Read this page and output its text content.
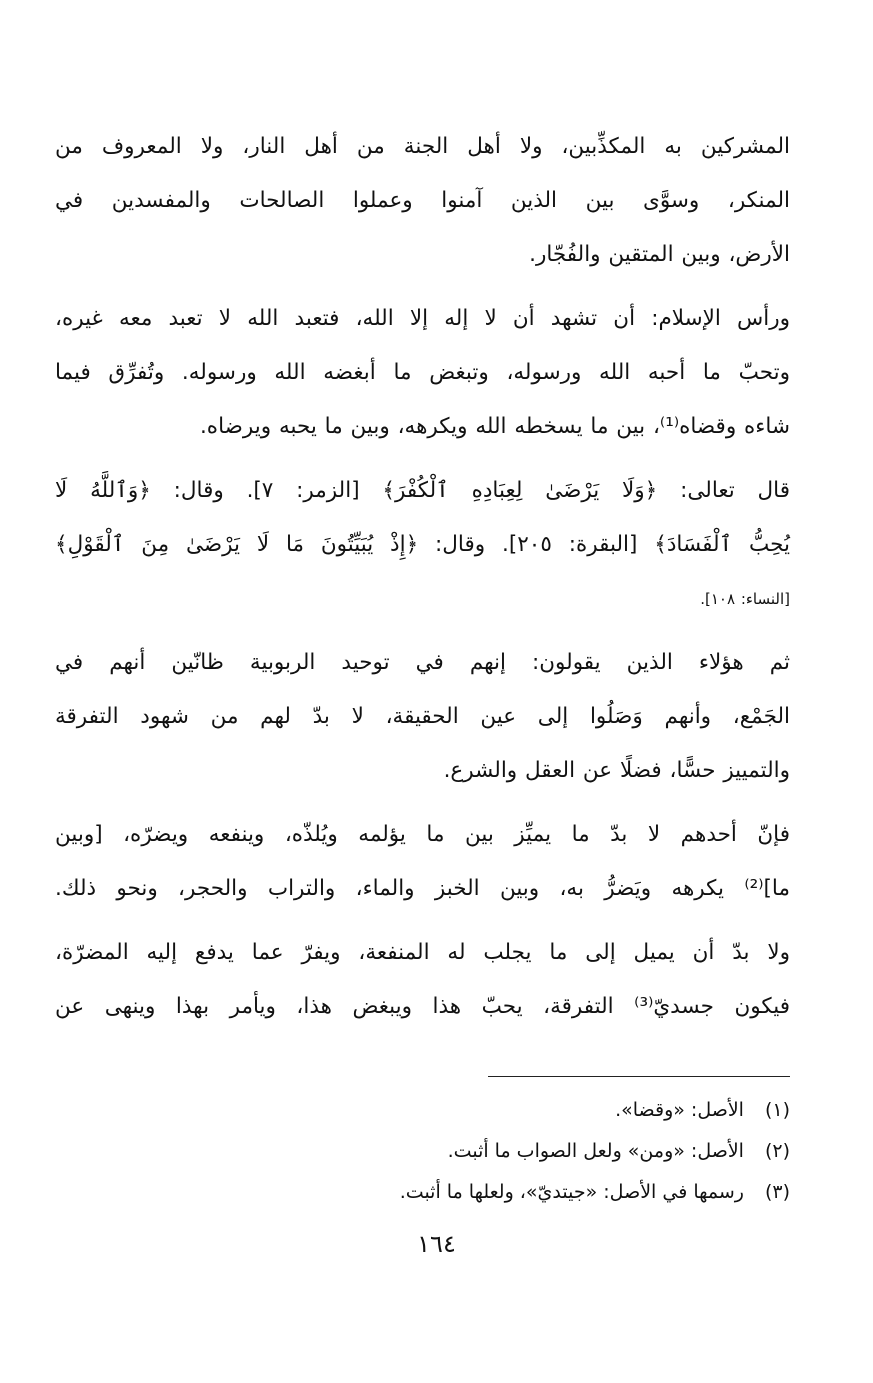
المشركين به المكذِّبين، ولا أهل الجنة من أهل النار، ولا المعروف من
المنكر، وسوَّى بين الذين آمنوا وعملوا الصالحات والمفسدين في
الأرض، وبين المتقين والفُجّار.
ورأس الإسلام: أن تشهد أن لا إله إلا الله، فتعبد الله لا تعبد معه غيره،
وتحبّ ما أحبه الله ورسوله، وتبغض ما أبغضه الله ورسوله. وتُفرِّق فيما
شاءه وقضاه⁽¹⁾، بين ما يسخطه الله ويكرهه، وبين ما يحبه ويرضاه.
قال تعالى: ﴿وَلَا يَرْضَىٰ لِعِبَادِهِ ٱلْكُفْرَ﴾ [الزمر: ٧]. وقال: ﴿وَٱللَّهُ لَا
يُحِبُّ ٱلْفَسَادَ﴾ [البقرة: ٢٠٥]. وقال: ﴿إِذْ يُبَيِّتُونَ مَا لَا يَرْضَىٰ مِنَ ٱلْقَوْلِ﴾
[النساء: ١٠٨].
ثم هؤلاء الذين يقولون: إنهم في توحيد الربوبية ظانّين أنهم في
الجَمْع، وأنهم وَصَلُوا إلى عين الحقيقة، لا بدّ لهم من شهود التفرقة
والتمييز حسًّا، فضلًا عن العقل والشرع.
فإنّ أحدهم لا بدّ ما يميِّز بين ما يؤلمه ويُلذّه، وينفعه ويضرّه، [وبين
ما]⁽²⁾ يكرهه ويَضرُّ به، وبين الخبز والماء، والتراب والحجر، ونحو ذلك.
ولا بدّ أن يميل إلى ما يجلب له المنفعة، ويفرّ عما يدفع إليه المضرّة،
فيكون جسديّ⁽³⁾ التفرقة، يحبّ هذا ويبغض هذا، ويأمر بهذا وينهى عن

(١) الأصل: «وقضا».

(٢) الأصل: «ومن» ولعل الصواب ما أثبت.

(٣) رسمها في الأصل: «جيتديّ»، ولعلها ما أثبت.

١٦٤
